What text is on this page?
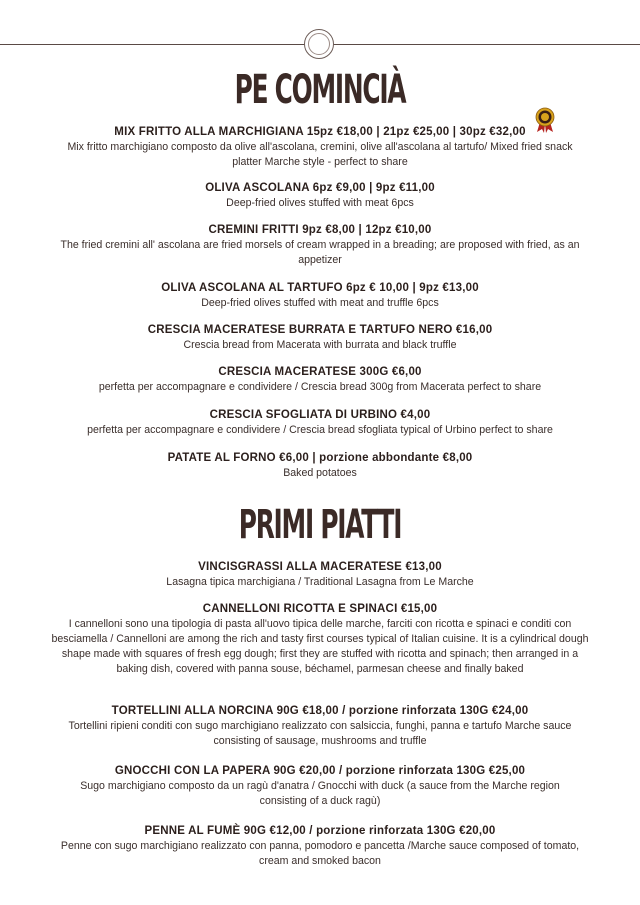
PE COMINCIÀ
MIX FRITTO ALLA MARCHIGIANA 15pz €18,00 | 21pz €25,00 | 30pz €32,00
Mix fritto marchigiano composto da olive all'ascolana, cremini, olive all'ascolana al tartufo/ Mixed fried snack platter Marche style - perfect to share
OLIVA ASCOLANA 6pz €9,00 | 9pz €11,00
Deep-fried olives stuffed with meat 6pcs
CREMINI FRITTI 9pz €8,00 | 12pz €10,00
The fried cremini all' ascolana are fried morsels of cream wrapped in a breading; are proposed with fried, as an appetizer
OLIVA ASCOLANA AL TARTUFO 6pz € 10,00 | 9pz €13,00
Deep-fried olives stuffed with meat and truffle 6pcs
CRESCIA MACERATESE BURRATA E TARTUFO NERO €16,00
Crescia bread from Macerata with burrata and black truffle
CRESCIA MACERATESE 300G €6,00
perfetta per accompagnare e condividere / Crescia bread 300g from Macerata perfect to share
CRESCIA SFOGLIATA DI URBINO €4,00
perfetta per accompagnare e condividere / Crescia bread sfogliata typical of Urbino perfect to share
PATATE AL FORNO €6,00 | porzione abbondante €8,00
Baked potatoes
PRIMI PIATTI
VINCISGRASSI ALLA MACERATESE €13,00
Lasagna tipica marchigiana / Traditional Lasagna from Le Marche
CANNELLONI RICOTTA E SPINACI €15,00
I cannelloni sono una tipologia di pasta all'uovo tipica delle marche, farciti con ricotta e spinaci e conditi con besciamella / Cannelloni are among the rich and tasty first courses typical of Italian cuisine. It is a cylindrical dough shape made with squares of fresh egg dough; first they are stuffed with ricotta and spinach; then arranged in a baking dish, covered with panna souse, béchamel, parmesan cheese and finally baked
TORTELLINI ALLA NORCINA 90G €18,00 / porzione rinforzata 130G €24,00
Tortellini ripieni conditi con sugo marchigiano realizzato con salsiccia, funghi, panna e tartufo Marche sauce consisting of sausage, mushrooms and truffle
GNOCCHI CON LA PAPERA 90G €20,00 / porzione rinforzata 130G €25,00
Sugo marchigiano composto da un ragù d'anatra / Gnocchi with duck (a sauce from the Marche region consisting of a duck ragù)
PENNE AL FUMÈ 90G €12,00 / porzione rinforzata 130G €20,00
Penne con sugo marchigiano realizzato con panna, pomodoro e pancetta /Marche sauce composed of tomato, cream and smoked bacon
